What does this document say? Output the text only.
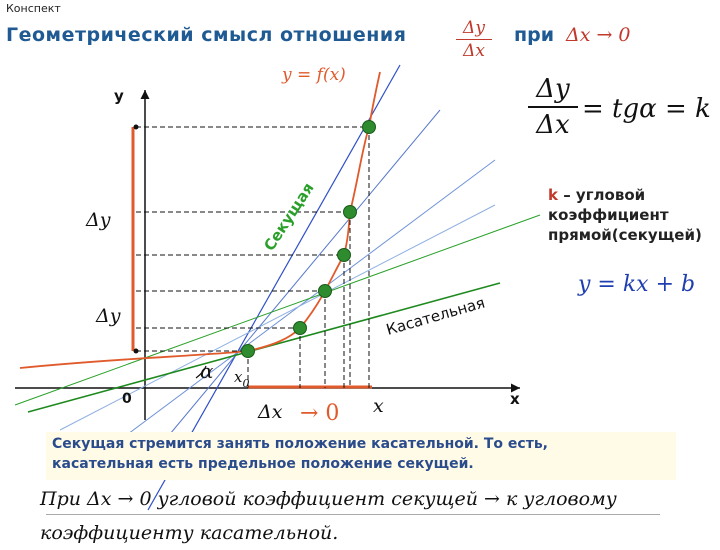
Конспект
Геометрический смысл отношения	Δy
Δx
при Δx → 0
y = f(x)
y
x
0
Секущая
Касательная
Δy
Δy
α $x_0$
Δx → 0 x
Δy
Δx
= tgα = k
k – угловой коэффициент прямой(секущей)
y = kx + b
Секущая стремится занять положение касательной. То есть,
касательная есть предельное положение секущей.
При Δx → 0 угловой коэффициент секущей → к угловому
коэффициенту касательной.
